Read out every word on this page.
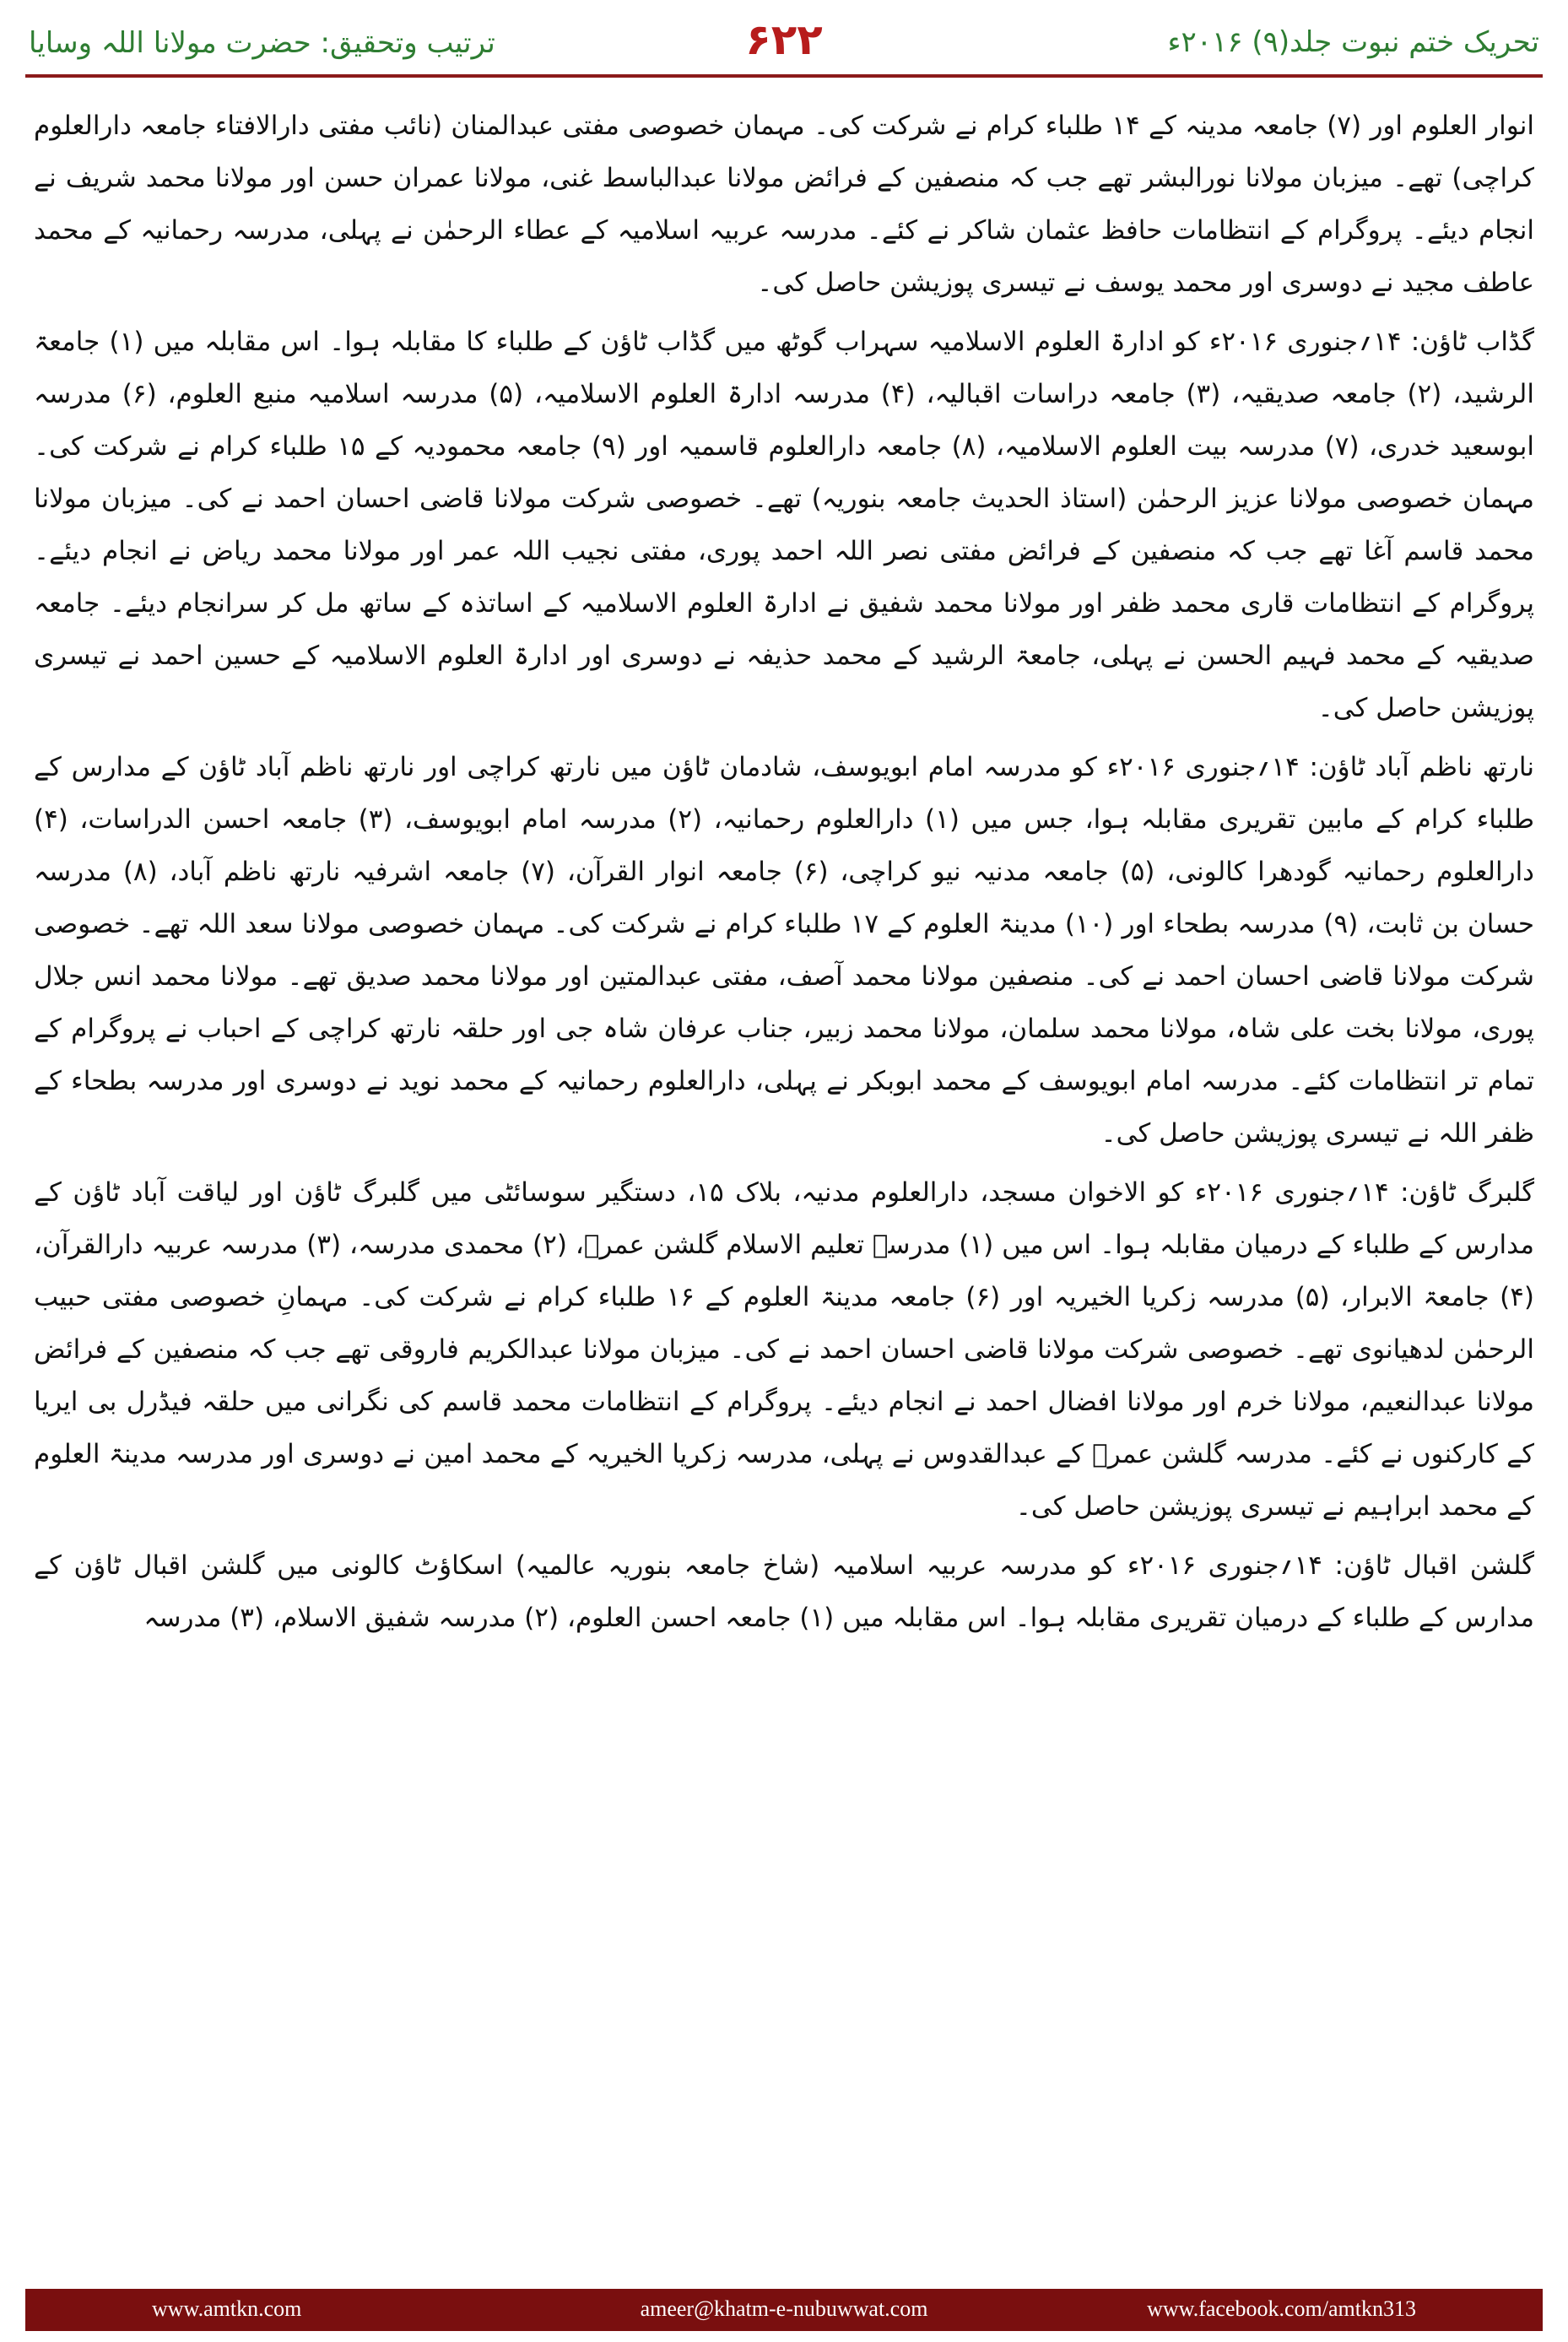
تحریک ختم نبوت جلد(۹) ۲۰۱۶ء
۶۲۲
ترتیب وتحقیق: حضرت مولانا اللہ وسایا

انوار العلوم اور (۷) جامعہ مدینہ کے ۱۴ طلباء کرام نے شرکت کی۔ مہمان خصوصی مفتی عبدالمنان (نائب مفتی دارالافتاء جامعہ دارالعلوم کراچی) تھے۔ میزبان مولانا نورالبشر تھے جب کہ منصفین کے فرائض مولانا عبدالباسط غنی، مولانا عمران حسن اور مولانا محمد شریف نے انجام دیئے۔ پروگرام کے انتظامات حافظ عثمان شاکر نے کئے۔ مدرسہ عربیہ اسلامیہ کے عطاء الرحمٰن نے پہلی، مدرسہ رحمانیہ کے محمد عاطف مجید نے دوسری اور محمد یوسف نے تیسری پوزیشن حاصل کی۔

گڈاب ٹاؤن: ۱۴؍جنوری ۲۰۱۶ء کو ادارۃ العلوم الاسلامیہ سہراب گوٹھ میں گڈاب ٹاؤن کے طلباء کا مقابلہ ہوا۔ اس مقابلہ میں (۱) جامعۃ الرشید، (۲) جامعہ صدیقیہ، (۳) جامعہ دراسات اقبالیہ، (۴) مدرسہ ادارۃ العلوم الاسلامیہ، (۵) مدرسہ اسلامیہ منبع العلوم، (۶) مدرسہ ابوسعید خدری، (۷) مدرسہ بیت العلوم الاسلامیہ، (۸) جامعہ دارالعلوم قاسمیہ اور (۹) جامعہ محمودیہ کے ۱۵ طلباء کرام نے شرکت کی۔ مہمان خصوصی مولانا عزیز الرحمٰن (استاذ الحدیث جامعہ بنوریہ) تھے۔ خصوصی شرکت مولانا قاضی احسان احمد نے کی۔ میزبان مولانا محمد قاسم آغا تھے جب کہ منصفین کے فرائض مفتی نصر اللہ احمد پوری، مفتی نجیب اللہ عمر اور مولانا محمد ریاض نے انجام دیئے۔ پروگرام کے انتظامات قاری محمد ظفر اور مولانا محمد شفیق نے ادارۃ العلوم الاسلامیہ کے اساتذہ کے ساتھ مل کر سرانجام دیئے۔ جامعہ صدیقیہ کے محمد فہیم الحسن نے پہلی، جامعۃ الرشید کے محمد حذیفہ نے دوسری اور ادارۃ العلوم الاسلامیہ کے حسین احمد نے تیسری پوزیشن حاصل کی۔

نارتھ ناظم آباد ٹاؤن: ۱۴؍جنوری ۲۰۱۶ء کو مدرسہ امام ابویوسف، شادمان ٹاؤن میں نارتھ کراچی اور نارتھ ناظم آباد ٹاؤن کے مدارس کے طلباء کرام کے مابین تقریری مقابلہ ہوا، جس میں (۱) دارالعلوم رحمانیہ، (۲) مدرسہ امام ابویوسف، (۳) جامعہ احسن الدراسات، (۴) دارالعلوم رحمانیہ گودھرا کالونی، (۵) جامعہ مدنیہ نیو کراچی، (۶) جامعہ انوار القرآن، (۷) جامعہ اشرفیہ نارتھ ناظم آباد، (۸) مدرسہ حسان بن ثابت، (۹) مدرسہ بطحاء اور (۱۰) مدینۃ العلوم کے ۱۷ طلباء کرام نے شرکت کی۔ مہمان خصوصی مولانا سعد اللہ تھے۔ خصوصی شرکت مولانا قاضی احسان احمد نے کی۔ منصفین مولانا محمد آصف، مفتی عبدالمتین اور مولانا محمد صدیق تھے۔ مولانا محمد انس جلال پوری، مولانا بخت علی شاہ، مولانا محمد سلمان، مولانا محمد زبیر، جناب عرفان شاہ جی اور حلقہ نارتھ کراچی کے احباب نے پروگرام کے تمام تر انتظامات کئے۔ مدرسہ امام ابویوسف کے محمد ابوبکر نے پہلی، دارالعلوم رحمانیہ کے محمد نوید نے دوسری اور مدرسہ بطحاء کے ظفر اللہ نے تیسری پوزیشن حاصل کی۔

گلبرگ ٹاؤن: ۱۴؍جنوری ۲۰۱۶ء کو الاخوان مسجد، دارالعلوم مدنیہ، بلاک ۱۵، دستگیر سوسائٹی میں گلبرگ ٹاؤن اور لیاقت آباد ٹاؤن کے مدارس کے طلباء کے درمیان مقابلہ ہوا۔ اس میں (۱) مدرسہ تعلیم الاسلام گلشن عمرؓ، (۲) محمدی مدرسہ، (۳) مدرسہ عربیہ دارالقرآن، (۴) جامعۃ الابرار، (۵) مدرسہ زکریا الخیریہ اور (۶) جامعہ مدینۃ العلوم کے ۱۶ طلباء کرام نے شرکت کی۔ مہمانِ خصوصی مفتی حبیب الرحمٰن لدھیانوی تھے۔ خصوصی شرکت مولانا قاضی احسان احمد نے کی۔ میزبان مولانا عبدالکریم فاروقی تھے جب کہ منصفین کے فرائض مولانا عبدالنعیم، مولانا خرم اور مولانا افضال احمد نے انجام دیئے۔ پروگرام کے انتظامات محمد قاسم کی نگرانی میں حلقہ فیڈرل بی ایریا کے کارکنوں نے کئے۔ مدرسہ گلشن عمرؓ کے عبدالقدوس نے پہلی، مدرسہ زکریا الخیریہ کے محمد امین نے دوسری اور مدرسہ مدینۃ العلوم کے محمد ابراہیم نے تیسری پوزیشن حاصل کی۔

گلشن اقبال ٹاؤن: ۱۴؍جنوری ۲۰۱۶ء کو مدرسہ عربیہ اسلامیہ (شاخ جامعہ بنوریہ عالمیہ) اسکاؤٹ کالونی میں گلشن اقبال ٹاؤن کے مدارس کے طلباء کے درمیان تقریری مقابلہ ہوا۔ اس مقابلہ میں (۱) جامعہ احسن العلوم، (۲) مدرسہ شفیق الاسلام، (۳) مدرسہ

www.amtkn.com	ameer@khatm-e-nubuwwat.com	www.facebook.com/amtkn313
